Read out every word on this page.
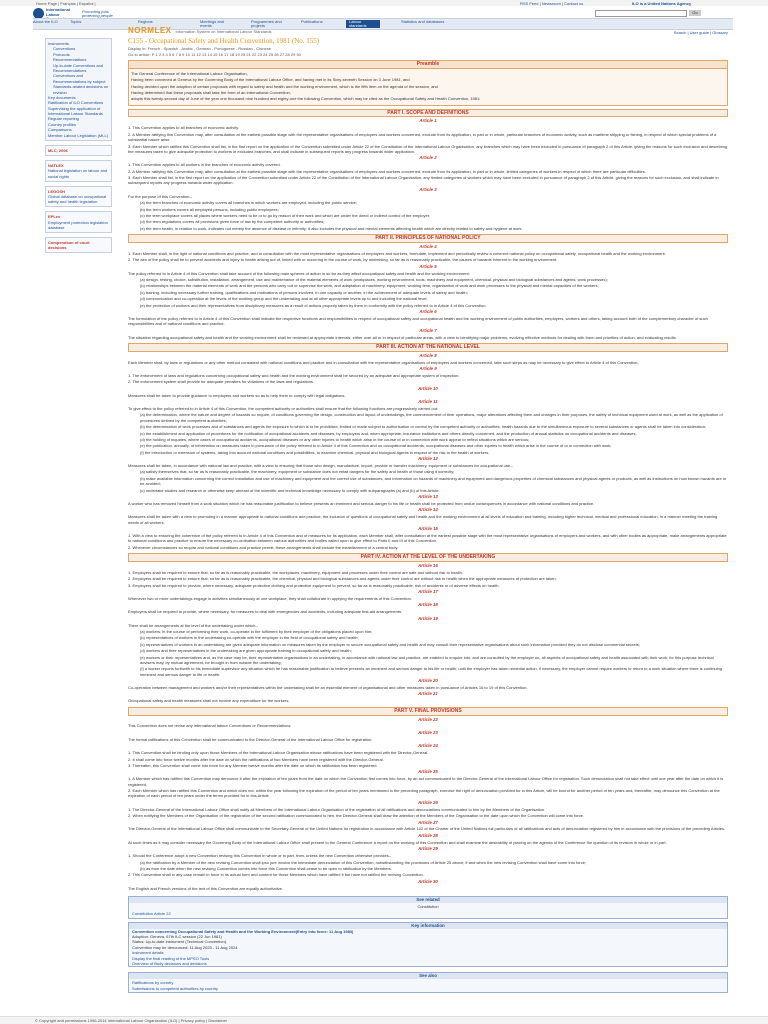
Home Page | Français | Español |	RSS Feed | Newsroom | Contact us	ILO is a United Nations Agency
International
Labour
Promoting jobs,
protecting people
Go
About the ILO	Topics	Regions	Meetings and events
Programmes and projects
Publications	Labour standards
Statistics and databases
Instruments
Conventions
Protocols
Recommendations
Up-to-date Conventions and Recommendations
Conventions and Recommendations by subject
Standards-related decisions on revision
Key documents
Ratification of ILO Conventions
Supervising the application of International Labour Standards
Regular reporting
Country profiles
Comparisons
Member Labour Legislation (MLL)
MLC, 2006
NATLEX
National legislation on labour and social rights
LEGOSH
Global database on occupational safety and health legislation
EPLex
Employment protection legislation database
Compendium of court decisions
NORMLEX Information System on International Labour Standards
C155 - Occupational Safety and Health Convention, 1981 (No. 155)
Search | User guide | Glossary
Display in: French - Spanish - Arabic - German - Portuguese - Russian - Chinese
Go to article: P 1 2 3 4 5 6 7 8 9 10 11 12 13 14 15 16 17 18 19 20 21 22 23 24 25 26 27 28 29 30
Preamble

The General Conference of the International Labour Organisation,

Having been convened at Geneva by the Governing Body of the International Labour Office, and having met in its Sixty-seventh Session on 3 June 1981, and

Having decided upon the adoption of certain proposals with regard to safety and health and the working environment, which is the fifth item on the agenda of the session, and

Having determined that these proposals shall take the form of an international Convention,

adopts this twenty-second day of June of the year one thousand nine hundred and eighty-one the following Convention, which may be cited as the Occupational Safety and Health Convention, 1981:

PART I. SCOPE AND DEFINITIONS
Article 1
1. This Convention applies to all branches of economic activity.
2. A Member ratifying this Convention may, after consultation at the earliest possible stage with the representative organisations of employers and workers concerned, exclude from its application, in part or in whole, particular branches of economic activity, such as maritime shipping or fishing, in respect of which special problems of a substantial nature arise.
3. Each Member which ratifies this Convention shall list, in the first report on the application of the Convention submitted under Article 22 of the Constitution of the International Labour Organisation, any branches which may have been excluded in pursuance of paragraph 2 of this Article, giving the reasons for such exclusion and describing the measures taken to give adequate protection to workers in excluded branches, and shall indicate in subsequent reports any progress towards wider application.
Article 2
1. This Convention applies to all workers in the branches of economic activity covered.
2. A Member ratifying this Convention may, after consultation at the earliest possible stage with the representative organisations of employers and workers concerned, exclude from its application, in part or in whole, limited categories of workers in respect of which there are particular difficulties.
3. Each Member shall list, in the first report on the application of the Convention submitted under Article 22 of the Constitution of the International Labour Organisation, any limited categories of workers which may have been excluded in pursuance of paragraph 2 of this Article, giving the reasons for such exclusion, and shall indicate in subsequent reports any progress towards wider application.
Article 3
For the purpose of this Convention--
(a) the term branches of economic activity covers all branches in which workers are employed, including the public service;
(b) the term workers covers all employed persons, including public employees;
(c) the term workplace covers all places where workers need to be or to go by reason of their work and which are under the direct or indirect control of the employer;
(d) the term regulations covers all provisions given force of law by the competent authority or authorities;
(e) the term health, in relation to work, indicates not merely the absence of disease or infirmity; it also includes the physical and mental elements affecting health which are directly related to safety and hygiene at work.
PART II. PRINCIPLES OF NATIONAL POLICY
Article 4
1. Each Member shall, in the light of national conditions and practice, and in consultation with the most representative organisations of employers and workers, formulate, implement and periodically review a coherent national policy on occupational safety, occupational health and the working environment.
2. The aim of the policy shall be to prevent accidents and injury to health arising out of, linked with or occurring in the course of work, by minimising, so far as is reasonably practicable, the causes of hazards inherent in the working environment.
Article 5
The policy referred to in Article 4 of this Convention shall take account of the following main spheres of action in so far as they affect occupational safety and health and the working environment:
(a) design, testing, choice, substitution, installation, arrangement, use and maintenance of the material elements of work (workplaces, working environment, tools, machinery and equipment, chemical, physical and biological substances and agents, work processes);
(b) relationships between the material elements of work and the persons who carry out or supervise the work, and adaptation of machinery, equipment, working time, organisation of work and work processes to the physical and mental capacities of the workers;
(c) training, including necessary further training, qualifications and motivations of persons involved, in one capacity or another, in the achievement of adequate levels of safety and health;
(d) communication and co-operation at the levels of the working group and the undertaking and at all other appropriate levels up to and including the national level;
(e) the protection of workers and their representatives from disciplinary measures as a result of actions properly taken by them in conformity with the policy referred to in Article 4 of this Convention.
Article 6
The formulation of the policy referred to in Article 4 of this Convention shall indicate the respective functions and responsibilities in respect of occupational safety and occupational health and the working environment of public authorities, employers, workers and others, taking account both of the complementary character of such responsibilities and of national conditions and practice.
Article 7
The situation regarding occupational safety and health and the working environment shall be reviewed at appropriate intervals, either over-all or in respect of particular areas, with a view to identifying major problems, evolving effective methods for dealing with them and priorities of action, and evaluating results.
PART III. ACTION AT THE NATIONAL LEVEL
Article 8
Each Member shall, by laws or regulations or any other method consistent with national conditions and practice and in consultation with the representative organisations of employers and workers concerned, take such steps as may be necessary to give effect to Article 4 of this Convention.
Article 9
1. The enforcement of laws and regulations concerning occupational safety and health and the working environment shall be secured by an adequate and appropriate system of inspection.
2. The enforcement system shall provide for adequate penalties for violations of the laws and regulations.
Article 10
Measures shall be taken to provide guidance to employers and workers so as to help them to comply with legal obligations.
Article 11
To give effect to the policy referred to in Article 4 of this Convention, the competent authority or authorities shall ensure that the following functions are progressively carried out:
(a) the determination, where the nature and degree of hazards so require, of conditions governing the design, construction and layout of undertakings, the commencement of their operations, major alterations affecting them and changes in their purposes, the safety of technical equipment used at work, as well as the application of procedures defined by the competent authorities;
(b) the determination of work processes and of substances and agents the exposure to which is to be prohibited, limited or made subject to authorisation or control by the competent authority or authorities; health hazards due to the simultaneous exposure to several substances or agents shall be taken into consideration;
(c) the establishment and application of procedures for the notification of occupational accidents and diseases, by employers and, when appropriate, insurance institutions and others directly concerned, and the production of annual statistics on occupational accidents and diseases;
(d) the holding of inquiries, where cases of occupational accidents, occupational diseases or any other injuries to health which arise in the course of or in connection with work appear to reflect situations which are serious;
(e) the publication, annually, of information on measures taken in pursuance of the policy referred to in Article 4 of this Convention and on occupational accidents, occupational diseases and other injuries to health which arise in the course of or in connection with work;
(f) the introduction or extension of systems, taking into account national conditions and possibilities, to examine chemical, physical and biological agents in respect of the risk to the health of workers.
Article 12
Measures shall be taken, in accordance with national law and practice, with a view to ensuring that those who design, manufacture, import, provide or transfer machinery, equipment or substances for occupational use--
(a) satisfy themselves that, so far as is reasonably practicable, the machinery, equipment or substance does not entail dangers for the safety and health of those using it correctly;
(b) make available information concerning the correct installation and use of machinery and equipment and the correct use of substances, and information on hazards of machinery and equipment and dangerous properties of chemical substances and physical agents or products, as well as instructions on how known hazards are to be avoided;
(c) undertake studies and research or otherwise keep abreast of the scientific and technical knowledge necessary to comply with subparagraphs (a) and (b) of this Article.
Article 13
A worker who has removed himself from a work situation which he has reasonable justification to believe presents an imminent and serious danger to his life or health shall be protected from undue consequences in accordance with national conditions and practice.
Article 14
Measures shall be taken with a view to promoting in a manner appropriate to national conditions and practice, the inclusion of questions of occupational safety and health and the working environment at all levels of education and training, including higher technical, medical and professional education, in a manner meeting the training needs of all workers.
Article 15
1. With a view to ensuring the coherence of the policy referred to in Article 4 of this Convention and of measures for its application, each Member shall, after consultation at the earliest possible stage with the most representative organisations of employers and workers, and with other bodies as appropriate, make arrangements appropriate to national conditions and practice to ensure the necessary co-ordination between various authorities and bodies called upon to give effect to Parts II and III of this Convention.
2. Whenever circumstances so require and national conditions and practice permit, these arrangements shall include the establishment of a central body.
PART IV. ACTION AT THE LEVEL OF THE UNDERTAKING
Article 16
1. Employers shall be required to ensure that, so far as is reasonably practicable, the workplaces, machinery, equipment and processes under their control are safe and without risk to health.
2. Employers shall be required to ensure that, so far as is reasonably practicable, the chemical, physical and biological substances and agents under their control are without risk to health when the appropriate measures of protection are taken.
3. Employers shall be required to provide, where necessary, adequate protective clothing and protective equipment to prevent, so far as is reasonably practicable, risk of accidents or of adverse effects on health.
Article 17
Whenever two or more undertakings engage in activities simultaneously at one workplace, they shall collaborate in applying the requirements of this Convention.
Article 18
Employers shall be required to provide, where necessary, for measures to deal with emergencies and accidents, including adequate first-aid arrangements.
Article 19
There shall be arrangements at the level of the undertaking under which--
(a) workers, in the course of performing their work, co-operate in the fulfilment by their employer of the obligations placed upon him;
(b) representatives of workers in the undertaking co-operate with the employer in the field of occupational safety and health;
(c) representatives of workers in an undertaking are given adequate information on measures taken by the employer to secure occupational safety and health and may consult their representative organisations about such information provided they do not disclose commercial secrets;
(d) workers and their representatives in the undertaking are given appropriate training in occupational safety and health;
(e) workers or their representatives and, as the case may be, their representative organisations in an undertaking, in accordance with national law and practice, are enabled to enquire into, and are consulted by the employer on, all aspects of occupational safety and health associated with their work; for this purpose technical advisers may, by mutual agreement, be brought in from outside the undertaking;
(f) a worker reports forthwith to his immediate supervisor any situation which he has reasonable justification to believe presents an imminent and serious danger to his life or health; until the employer has taken remedial action, if necessary, the employer cannot require workers to return to a work situation where there is continuing imminent and serious danger to life or health.
Article 20
Co-operation between management and workers and/or their representatives within the undertaking shall be an essential element of organisational and other measures taken in pursuance of Articles 16 to 19 of this Convention.
Article 21
Occupational safety and health measures shall not involve any expenditure for the workers.
PART V. FINAL PROVISIONS
Article 22
This Convention does not revise any international labour Conventions or Recommendations.
Article 23
The formal ratifications of this Convention shall be communicated to the Director-General of the International Labour Office for registration.
Article 24
1. This Convention shall be binding only upon those Members of the International Labour Organisation whose ratifications have been registered with the Director-General.
2. It shall come into force twelve months after the date on which the ratifications of two Members have been registered with the Director-General.
3. Thereafter, this Convention shall come into force for any Member twelve months after the date on which its ratification has been registered.
Article 25
1. A Member which has ratified this Convention may denounce it after the expiration of ten years from the date on which the Convention first comes into force, by an act communicated to the Director-General of the International Labour Office for registration. Such denunciation shall not take effect until one year after the date on which it is registered.
2. Each Member which has ratified this Convention and which does not, within the year following the expiration of the period of ten years mentioned in the preceding paragraph, exercise the right of denunciation provided for in this Article, will be bound for another period of ten years and, thereafter, may denounce this Convention at the expiration of each period of ten years under the terms provided for in this Article.
Article 26
1. The Director-General of the International Labour Office shall notify all Members of the International Labour Organisation of the registration of all ratifications and denunciations communicated to him by the Members of the Organisation.
2. When notifying the Members of the Organisation of the registration of the second ratification communicated to him, the Director-General shall draw the attention of the Members of the Organisation to the date upon which the Convention will come into force.
Article 27
The Director-General of the International Labour Office shall communicate to the Secretary-General of the United Nations for registration in accordance with Article 102 of the Charter of the United Nations full particulars of all ratifications and acts of denunciation registered by him in accordance with the provisions of the preceding Articles.
Article 28
At such times as it may consider necessary the Governing Body of the International Labour Office shall present to the General Conference a report on the working of this Convention and shall examine the desirability of placing on the agenda of the Conference the question of its revision in whole or in part.
Article 29
1. Should the Conference adopt a new Convention revising this Convention in whole or in part, then, unless the new Convention otherwise provides--
(a) the ratification by a Member of the new revising Convention shall ipso jure involve the immediate denunciation of this Convention, notwithstanding the provisions of Article 25 above, if and when the new revising Convention shall have come into force;
(b) as from the date when the new revising Convention comes into force this Convention shall cease to be open to ratification by the Members.
2. This Convention shall in any case remain in force in its actual form and content for those Members which have ratified it but have not ratified the revising Convention.
Article 30
The English and French versions of the text of this Convention are equally authoritative.
See related
Constitution
Constitution Article 22
Key information
Convention concerning Occupational Safety and Health and the Working Environment(Entry into force: 11 Aug 1983)
Adoption: Geneva, 67th ILC session (22 Jun 1981)
Status: Up-to-date instrument (Technical Convention).
Convention may be denounced: 11 Aug 2023 - 11 Aug 2024
Instrument details
Display the final reading of the MPSO Tools
Overview of Body decisions and decisions
See also
Ratifications by country
Submissions to competent authorities by country
© Copyright and permissions 1996-2014 International Labour Organization (ILO) | Privacy policy | Disclaimer
